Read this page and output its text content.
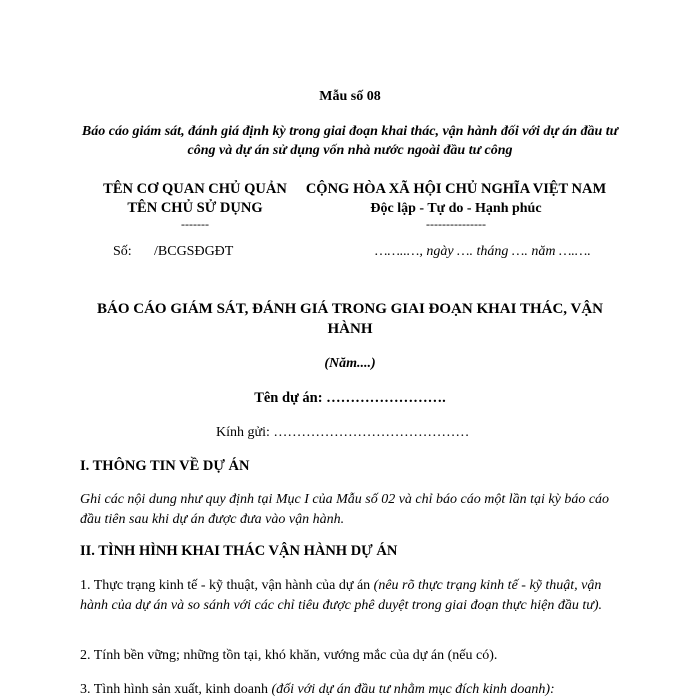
Mẫu số 08
Báo cáo giám sát, đánh giá định kỳ trong giai đoạn khai thác, vận hành đối với dự án đầu tư công và dự án sử dụng vốn nhà nước ngoài đầu tư công
TÊN CƠ QUAN CHỦ QUẢN
TÊN CHỦ SỬ DỤNG
-------
CỘNG HÒA XÃ HỘI CHỦ NGHĨA VIỆT NAM
Độc lập - Tự do - Hạnh phúc
---------------
Số: /BCGSĐGĐT	……..…, ngày …. tháng …. năm ….….
BÁO CÁO GIÁM SÁT, ĐÁNH GIÁ TRONG GIAI ĐOẠN KHAI THÁC, VẬN HÀNH
(Năm....)
Tên dự án: …………………….
Kính gửi: ……………………………………
I. THÔNG TIN VỀ DỰ ÁN
Ghi các nội dung như quy định tại Mục I của Mẫu số 02 và chỉ báo cáo một lần tại kỳ báo cáo đầu tiên sau khi dự án được đưa vào vận hành.
II. TÌNH HÌNH KHAI THÁC VẬN HÀNH DỰ ÁN
1. Thực trạng kinh tế - kỹ thuật, vận hành của dự án (nêu rõ thực trạng kinh tế - kỹ thuật, vận hành của dự án và so sánh với các chỉ tiêu được phê duyệt trong giai đoạn thực hiện đầu tư).
2. Tính bền vững; những tồn tại, khó khăn, vướng mắc của dự án (nếu có).
3. Tình hình sản xuất, kinh doanh (đối với dự án đầu tư nhằm mục đích kinh doanh):
